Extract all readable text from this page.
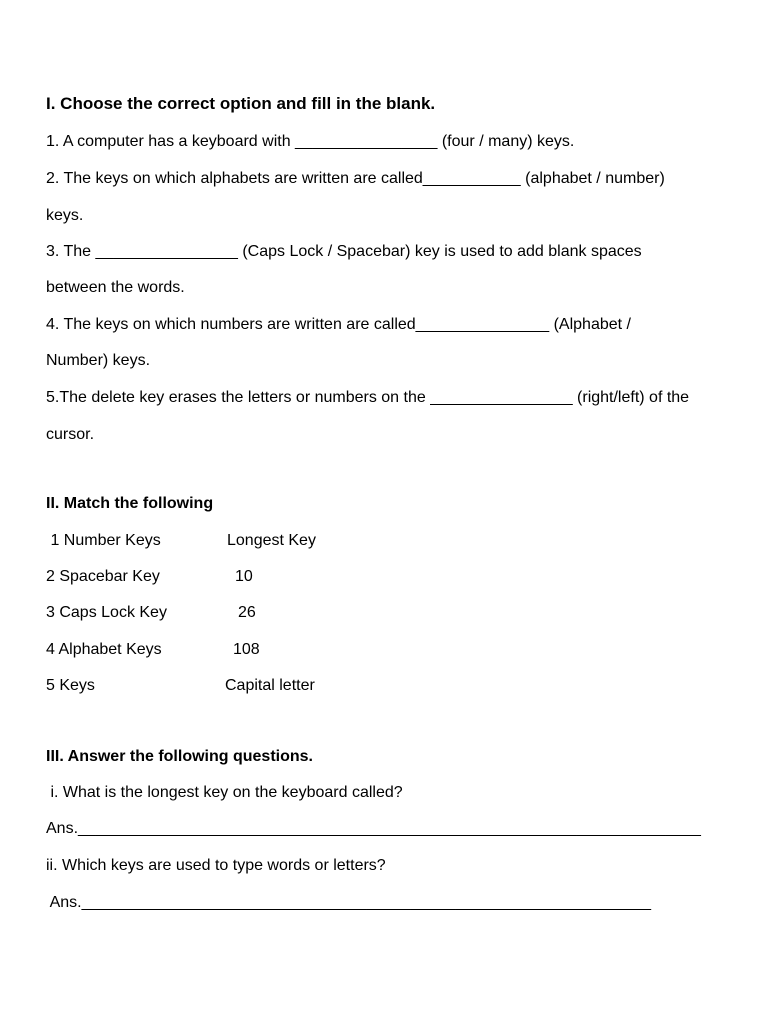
I. Choose the correct option and fill in the blank.
1. A computer has a keyboard with ________________ (four / many) keys.
2. The keys on which alphabets are written are called___________ (alphabet / number)
keys.
3. The ________________ (Caps Lock / Spacebar) key is used to add blank spaces
between the words.
4. The keys on which numbers are written are called_______________ (Alphabet /
Number) keys.
5.The delete key erases the letters or numbers on the ________________ (right/left) of the
cursor.
II. Match the following
1 Number Keys	Longest Key
2 Spacebar Key	10
3 Caps Lock Key	26
4 Alphabet Keys	108
5 Keys	Capital letter
III. Answer the following questions.
i. What is the longest key on the keyboard called?
Ans.______________________________________________________________________
ii. Which keys are used to type words or letters?
Ans.________________________________________________________________
